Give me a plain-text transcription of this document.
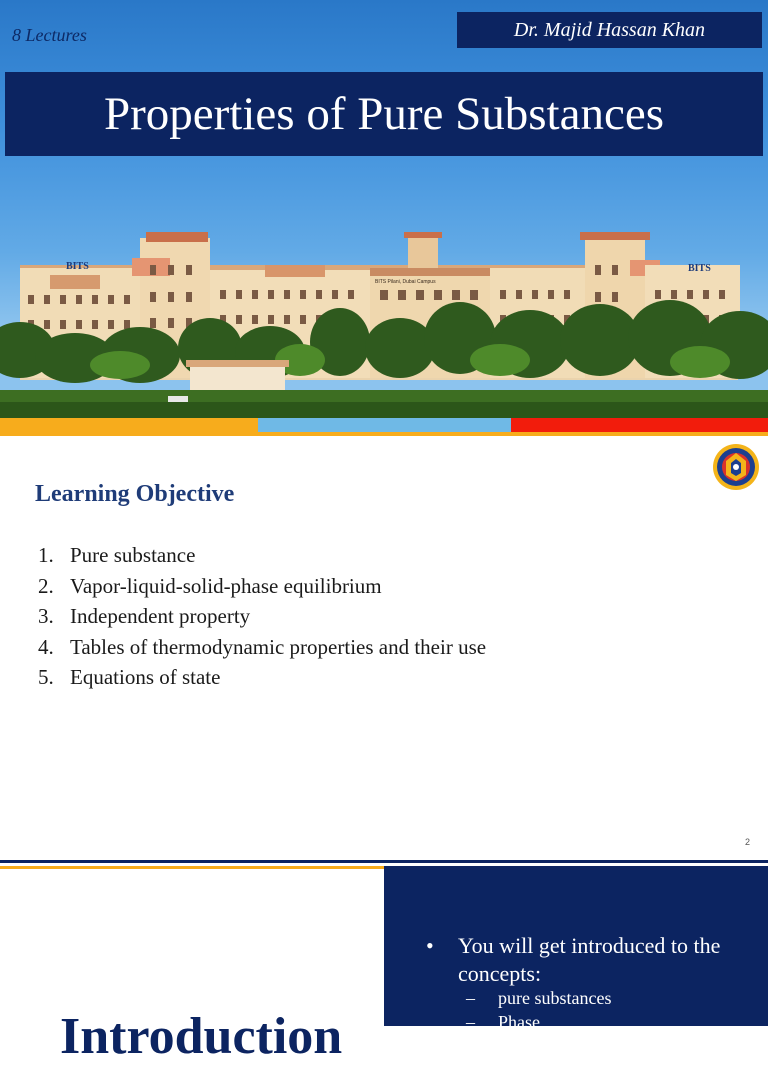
BITS	BITS
BITS Pilani, Dubai Campus
8 Lectures	Dr. Majid Hassan Khan
Properties of Pure Substances
Learning Objective
1. Pure substance
2. Vapor-liquid-solid-phase equilibrium
3. Independent property
4. Tables of thermodynamic properties and their use
5. Equations of state
2
•	You will get introduced to the concepts:
–	pure substances
–	Phase
Introduction
